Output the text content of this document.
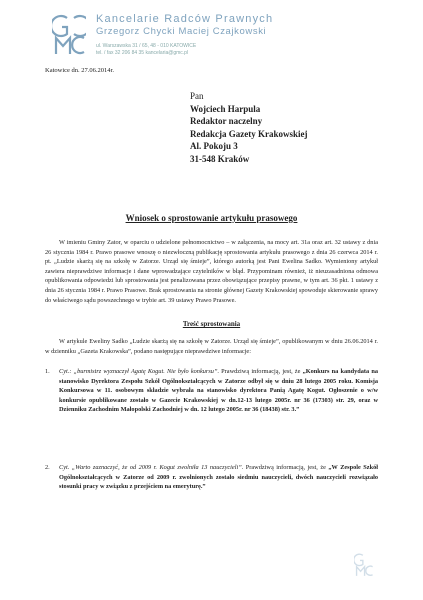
Kancelarie Radców Prawnych
Grzegorz Chycki Maciej Czajkowski
ul. Warszawska 31 / 65, 48 - 010 KATOWICE
tel. / fax 32 206 84 35 kancelaria@gmc.pl
Katowice dn. 27.06.2014r.
Pan
Wojciech Harpula
Redaktor naczelny
Redakcja Gazety Krakowskiej
Al. Pokoju 3
31-548 Kraków
Wniosek o sprostowanie artykułu prasowego
W imieniu Gminy Zator, w oparciu o udzielone pełnomocnictwo – w załączenia, na mocy art. 31a oraz art. 32 ustawy z dnia 26 stycznia 1984 r. Prawo prasowe wnoszę o niezwłoczną publikację sprostowania artykułu prasowego z dnia 26 czerwca 2014 r. pt. „Ludzie skarżą się na szkołę w Zatorze. Urząd się śmieje”, którego autorką jest Pani Ewelina Sadko. Wymieniony artykuł zawiera nieprawdziwe informacje i dane wprowadzające czytelników w błąd. Przypominam również, iż nieuzasadniona odmowa opublikowania odpowiedzi lub sprostowania jest penalizowana przez obowiązujące przepisy prawne, w tym art. 36 pkt. 1 ustawy z dnia 26 stycznia 1984 r. Prawo Prasowe. Brak sprostowania na stronie głównej Gazety Krakowskiej spowoduje skierowanie sprawy do właściwego sądu powszechnego w trybie art. 39 ustawy Prawo Prasowe.
Treść sprostowania
W artykule Eweliny Sadko „Ludzie skarżą się na szkołę w Zatorze. Urząd się śmieje”, opublikowanym w dniu 26.06.2014 r. w dzienniku „Gazeta Krakowska”, podano następujące nieprawdziwe informacje:
1. Cyt.: „burmistrz wyznaczył Agatę Kogut. Nie było konkursu”. Prawdziwą informacją, jest, że „Konkurs na kandydata na stanowisko Dyrektora Zespołu Szkół Ogólnokształcących w Zatorze odbył się w dniu 28 lutego 2005 roku. Komisja Konkursowa w 11. osobowym składzie wybrała na stanowisko dyrektora Panią Agatę Kogut. Ogłoszenie o w/w konkursie opublikowane zostało w Gazecie Krakowskiej w dn.12-13 lutego 2005r. nr 36 (17303) str. 29, oraz w Dzienniku Zachodnim Małopolski Zachodniej w dn. 12 lutego 2005r. nr 36 (18438) str. 3.”
2. Cyt. „Warto zaznaczyć, że od 2009 r. Kogut zwolniła 13 nauczycieli”. Prawdziwą informacją, jest, że „W Zespole Szkół Ogólnokształcących w Zatorze od 2009 r. zwolnionych zostało siedmiu nauczycieli, dwóch nauczycieli rozwiązało stosunki pracy w związku z przejściem na emeryturę.”
